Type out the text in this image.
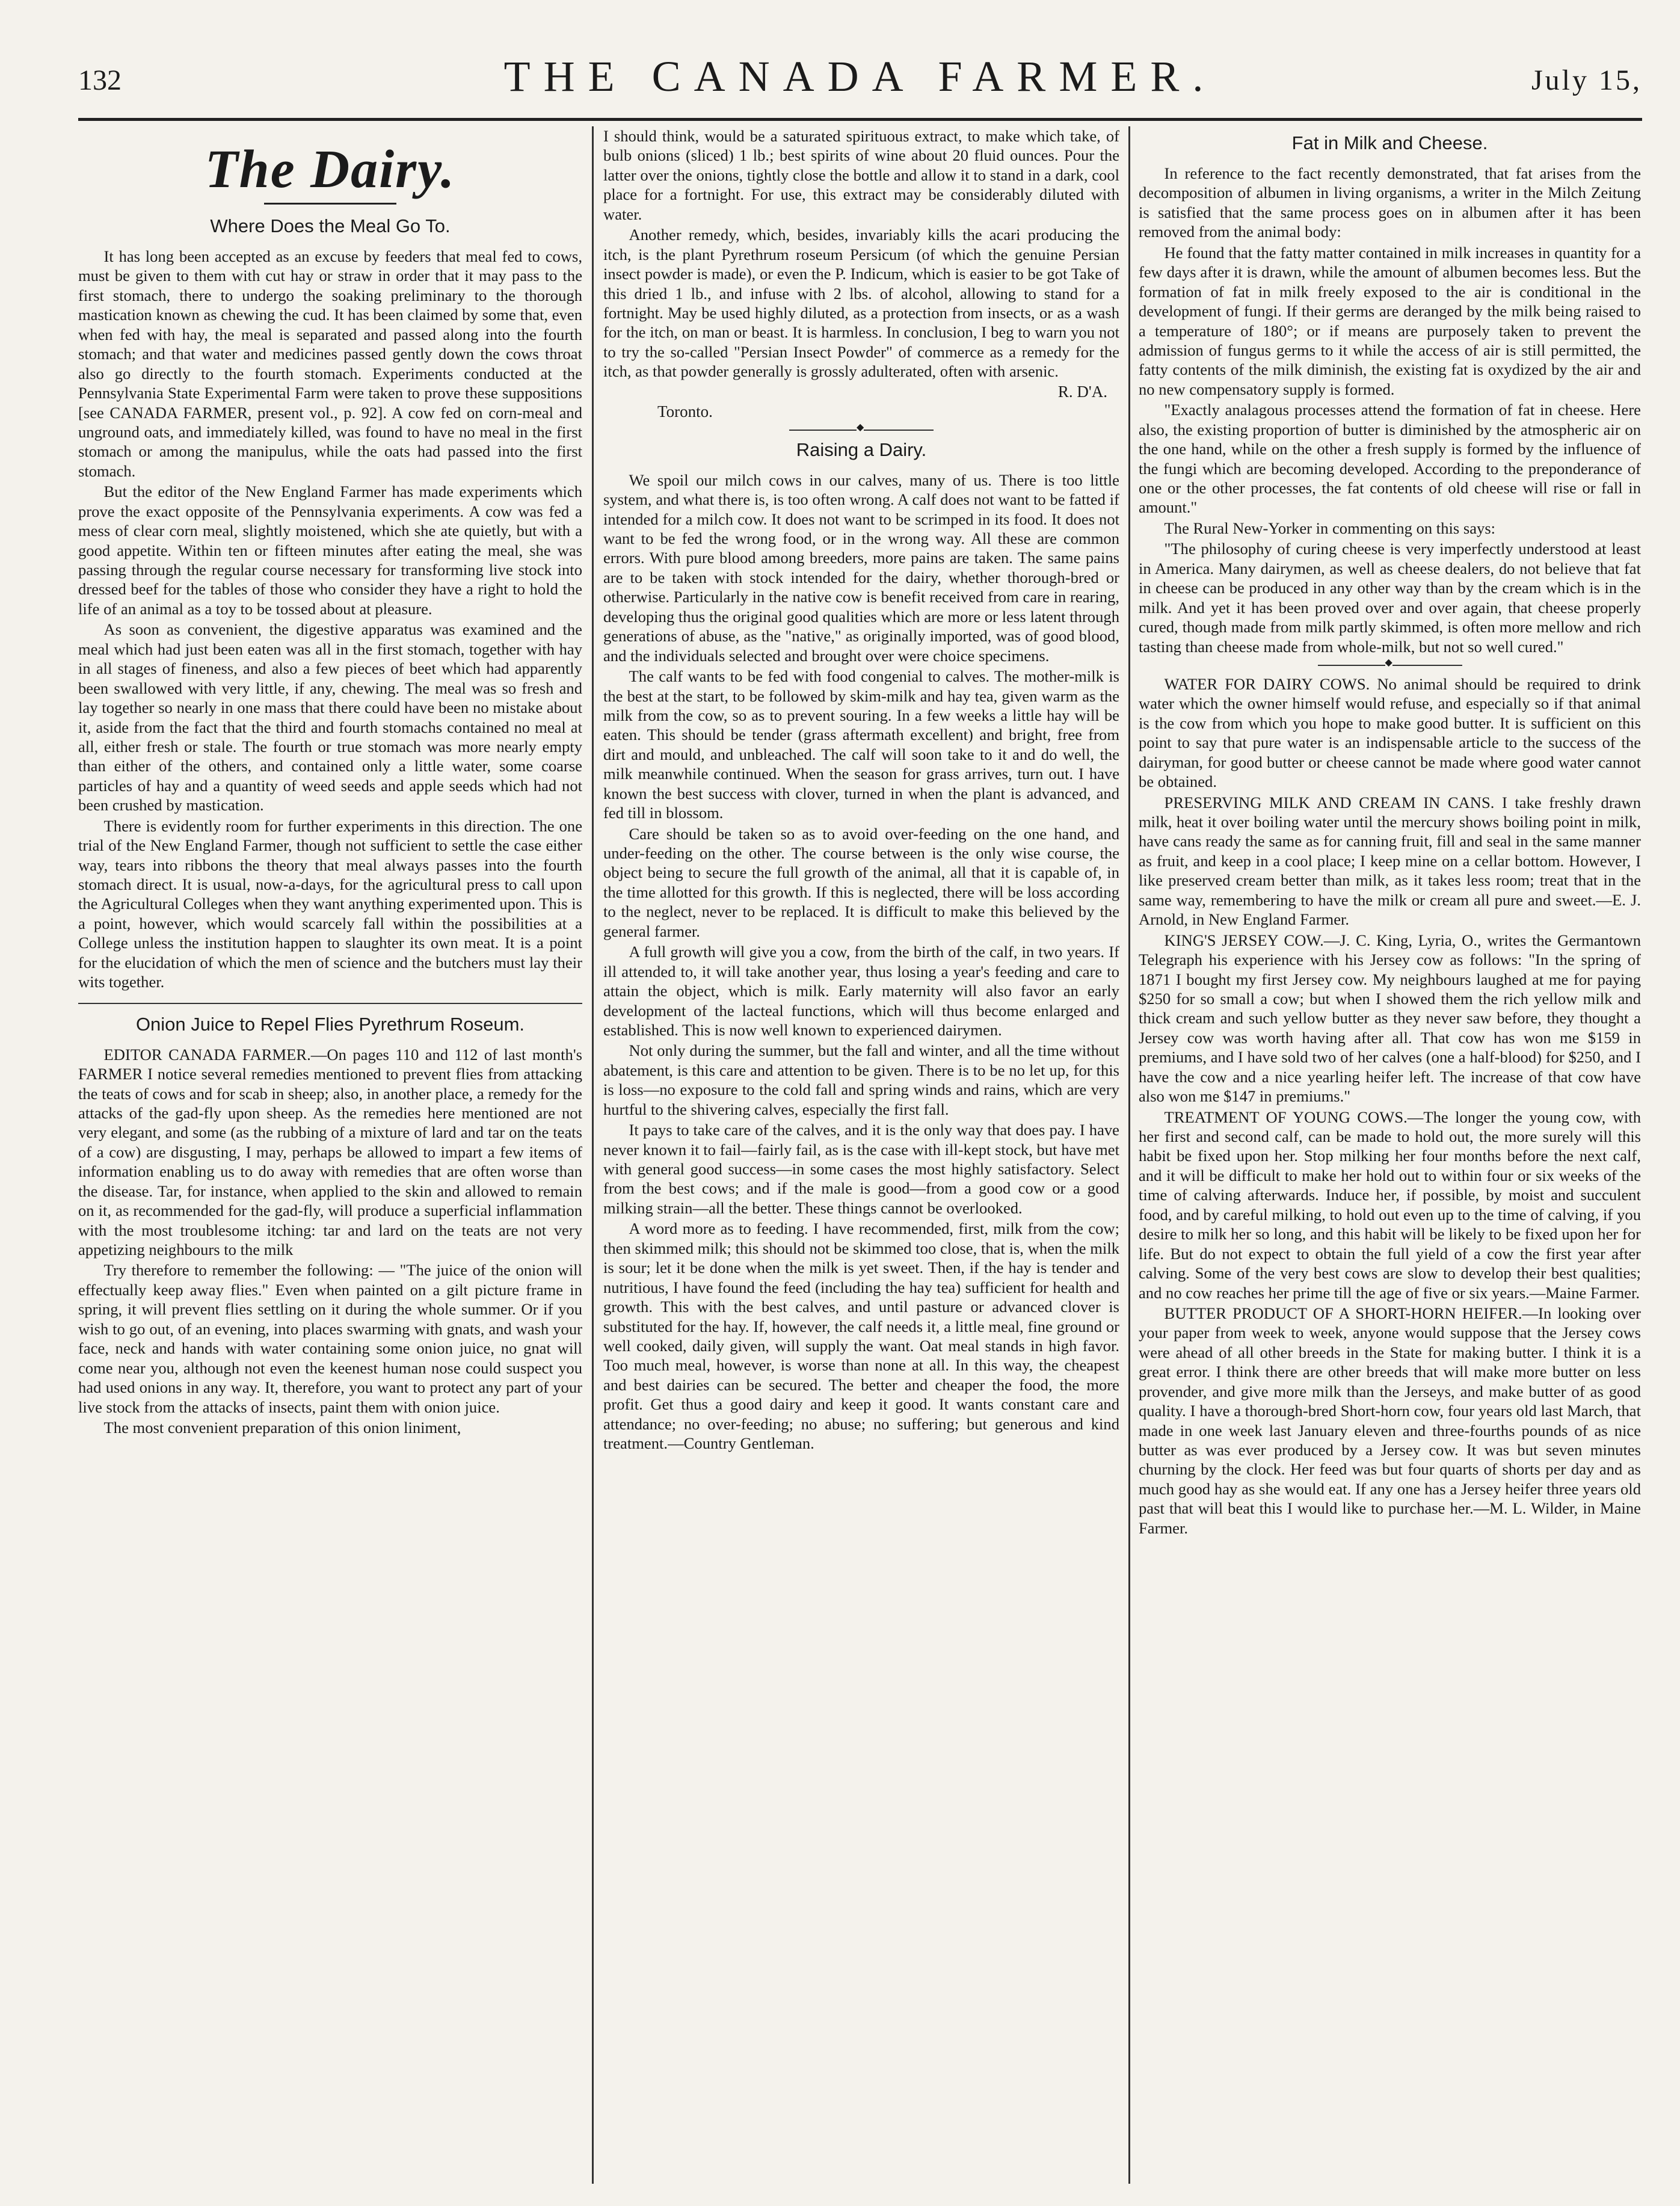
132	THE CANADA FARMER.	July 15,
The Dairy.
Where Does the Meal Go To.

It has long been accepted as an excuse by feeders that meal fed to cows, must be given to them with cut hay or straw in order that it may pass to the first stomach, there to undergo the soaking preliminary to the thorough mastication known as chewing the cud. It has been claimed by some that, even when fed with hay, the meal is separated and passed along into the fourth stomach; and that water and medicines passed gently down the cows throat also go directly to the fourth stomach. Experiments conducted at the Pennsylvania State Experimental Farm were taken to prove these suppositions [see CANADA FARMER, present vol., p. 92]. A cow fed on corn-meal and unground oats, and immediately killed, was found to have no meal in the first stomach or among the manipulus, while the oats had passed into the first stomach.

But the editor of the New England Farmer has made experiments which prove the exact opposite of the Pennsylvania experiments. A cow was fed a mess of clear corn meal, slightly moistened, which she ate quietly, but with a good appetite. Within ten or fifteen minutes after eating the meal, she was passing through the regular course necessary for transforming live stock into dressed beef for the tables of those who consider they have a right to hold the life of an animal as a toy to be tossed about at pleasure.

As soon as convenient, the digestive apparatus was examined and the meal which had just been eaten was all in the first stomach, together with hay in all stages of fineness, and also a few pieces of beet which had apparently been swallowed with very little, if any, chewing. The meal was so fresh and lay together so nearly in one mass that there could have been no mistake about it, aside from the fact that the third and fourth stomachs contained no meal at all, either fresh or stale. The fourth or true stomach was more nearly empty than either of the others, and contained only a little water, some coarse particles of hay and a quantity of weed seeds and apple seeds which had not been crushed by mastication.

There is evidently room for further experiments in this direction. The one trial of the New England Farmer, though not sufficient to settle the case either way, tears into ribbons the theory that meal always passes into the fourth stomach direct. It is usual, now-a-days, for the agricultural press to call upon the Agricultural Colleges when they want anything experimented upon. This is a point, however, which would scarcely fall within the possibilities at a College unless the institution happen to slaughter its own meat. It is a point for the elucidation of which the men of science and the butchers must lay their wits together.

Onion Juice to Repel Flies Pyrethrum Roseum.

EDITOR CANADA FARMER.—On pages 110 and 112 of last month's FARMER I notice several remedies mentioned to prevent flies from attacking the teats of cows and for scab in sheep; also, in another place, a remedy for the attacks of the gad-fly upon sheep. As the remedies here mentioned are not very elegant, and some (as the rubbing of a mixture of lard and tar on the teats of a cow) are disgusting, I may, perhaps be allowed to impart a few items of information enabling us to do away with remedies that are often worse than the disease. Tar, for instance, when applied to the skin and allowed to remain on it, as recommended for the gad-fly, will produce a superficial inflammation with the most troublesome itching: tar and lard on the teats are not very appetizing neighbours to the milk

Try therefore to remember the following: — "The juice of the onion will effectually keep away flies." Even when painted on a gilt picture frame in spring, it will prevent flies settling on it during the whole summer. Or if you wish to go out, of an evening, into places swarming with gnats, and wash your face, neck and hands with water containing some onion juice, no gnat will come near you, although not even the keenest human nose could suspect you had used onions in any way. It, therefore, you want to protect any part of your live stock from the attacks of insects, paint them with onion juice.

The most convenient preparation of this onion liniment,

I should think, would be a saturated spirituous extract, to make which take, of bulb onions (sliced) 1 lb.; best spirits of wine about 20 fluid ounces. Pour the latter over the onions, tightly close the bottle and allow it to stand in a dark, cool place for a fortnight. For use, this extract may be considerably diluted with water.

Another remedy, which, besides, invariably kills the acari producing the itch, is the plant Pyrethrum roseum Persicum (of which the genuine Persian insect powder is made), or even the P. Indicum, which is easier to be got Take of this dried 1 lb., and infuse with 2 lbs. of alcohol, allowing to stand for a fortnight. May be used highly diluted, as a protection from insects, or as a wash for the itch, on man or beast. It is harmless. In conclusion, I beg to warn you not to try the so-called "Persian Insect Powder" of commerce as a remedy for the itch, as that powder generally is grossly adulterated, often with arsenic.

R. D'A.
Toronto.
◆
Raising a Dairy.

We spoil our milch cows in our calves, many of us. There is too little system, and what there is, is too often wrong. A calf does not want to be fatted if intended for a milch cow. It does not want to be scrimped in its food. It does not want to be fed the wrong food, or in the wrong way. All these are common errors. With pure blood among breeders, more pains are taken. The same pains are to be taken with stock intended for the dairy, whether thorough-bred or otherwise. Particularly in the native cow is benefit received from care in rearing, developing thus the original good qualities which are more or less latent through generations of abuse, as the "native," as originally imported, was of good blood, and the individuals selected and brought over were choice specimens.

The calf wants to be fed with food congenial to calves. The mother-milk is the best at the start, to be followed by skim-milk and hay tea, given warm as the milk from the cow, so as to prevent souring. In a few weeks a little hay will be eaten. This should be tender (grass aftermath excellent) and bright, free from dirt and mould, and unbleached. The calf will soon take to it and do well, the milk meanwhile continued. When the season for grass arrives, turn out. I have known the best success with clover, turned in when the plant is advanced, and fed till in blossom.

Care should be taken so as to avoid over-feeding on the one hand, and under-feeding on the other. The course between is the only wise course, the object being to secure the full growth of the animal, all that it is capable of, in the time allotted for this growth. If this is neglected, there will be loss according to the neglect, never to be replaced. It is difficult to make this believed by the general farmer.

A full growth will give you a cow, from the birth of the calf, in two years. If ill attended to, it will take another year, thus losing a year's feeding and care to attain the object, which is milk. Early maternity will also favor an early development of the lacteal functions, which will thus become enlarged and established. This is now well known to experienced dairymen.

Not only during the summer, but the fall and winter, and all the time without abatement, is this care and attention to be given. There is to be no let up, for this is loss—no exposure to the cold fall and spring winds and rains, which are very hurtful to the shivering calves, especially the first fall.

It pays to take care of the calves, and it is the only way that does pay. I have never known it to fail—fairly fail, as is the case with ill-kept stock, but have met with general good success—in some cases the most highly satisfactory. Select from the best cows; and if the male is good—from a good cow or a good milking strain—all the better. These things cannot be overlooked.

A word more as to feeding. I have recommended, first, milk from the cow; then skimmed milk; this should not be skimmed too close, that is, when the milk is sour; let it be done when the milk is yet sweet. Then, if the hay is tender and nutritious, I have found the feed (including the hay tea) sufficient for health and growth. This with the best calves, and until pasture or advanced clover is substituted for the hay. If, however, the calf needs it, a little meal, fine ground or well cooked, daily given, will supply the want. Oat meal stands in high favor. Too much meal, however, is worse than none at all. In this way, the cheapest and best dairies can be secured. The better and cheaper the food, the more profit. Get thus a good dairy and keep it good. It wants constant care and attendance; no over-feeding; no abuse; no suffering; but generous and kind treatment.—Country Gentleman.

Fat in Milk and Cheese.

In reference to the fact recently demonstrated, that fat arises from the decomposition of albumen in living organisms, a writer in the Milch Zeitung is satisfied that the same process goes on in albumen after it has been removed from the animal body:

He found that the fatty matter contained in milk increases in quantity for a few days after it is drawn, while the amount of albumen becomes less. But the formation of fat in milk freely exposed to the air is conditional in the development of fungi. If their germs are deranged by the milk being raised to a temperature of 180°; or if means are purposely taken to prevent the admission of fungus germs to it while the access of air is still permitted, the fatty contents of the milk diminish, the existing fat is oxydized by the air and no new compensatory supply is formed.

"Exactly analagous processes attend the formation of fat in cheese. Here also, the existing proportion of butter is diminished by the atmospheric air on the one hand, while on the other a fresh supply is formed by the influence of the fungi which are becoming developed. According to the preponderance of one or the other processes, the fat contents of old cheese will rise or fall in amount."

The Rural New-Yorker in commenting on this says:

"The philosophy of curing cheese is very imperfectly understood at least in America. Many dairymen, as well as cheese dealers, do not believe that fat in cheese can be produced in any other way than by the cream which is in the milk. And yet it has been proved over and over again, that cheese properly cured, though made from milk partly skimmed, is often more mellow and rich tasting than cheese made from whole-milk, but not so well cured."

◆

WATER FOR DAIRY COWS. No animal should be required to drink water which the owner himself would refuse, and especially so if that animal is the cow from which you hope to make good butter. It is sufficient on this point to say that pure water is an indispensable article to the success of the dairyman, for good butter or cheese cannot be made where good water cannot be obtained.

PRESERVING MILK AND CREAM IN CANS. I take freshly drawn milk, heat it over boiling water until the mercury shows boiling point in milk, have cans ready the same as for canning fruit, fill and seal in the same manner as fruit, and keep in a cool place; I keep mine on a cellar bottom. However, I like preserved cream better than milk, as it takes less room; treat that in the same way, remembering to have the milk or cream all pure and sweet.—E. J. Arnold, in New England Farmer.

KING'S JERSEY COW.—J. C. King, Lyria, O., writes the Germantown Telegraph his experience with his Jersey cow as follows: "In the spring of 1871 I bought my first Jersey cow. My neighbours laughed at me for paying $250 for so small a cow; but when I showed them the rich yellow milk and thick cream and such yellow butter as they never saw before, they thought a Jersey cow was worth having after all. That cow has won me $159 in premiums, and I have sold two of her calves (one a half-blood) for $250, and I have the cow and a nice yearling heifer left. The increase of that cow have also won me $147 in premiums."

TREATMENT OF YOUNG COWS.—The longer the young cow, with her first and second calf, can be made to hold out, the more surely will this habit be fixed upon her. Stop milking her four months before the next calf, and it will be difficult to make her hold out to within four or six weeks of the time of calving afterwards. Induce her, if possible, by moist and succulent food, and by careful milking, to hold out even up to the time of calving, if you desire to milk her so long, and this habit will be likely to be fixed upon her for life. But do not expect to obtain the full yield of a cow the first year after calving. Some of the very best cows are slow to develop their best qualities; and no cow reaches her prime till the age of five or six years.—Maine Farmer.

BUTTER PRODUCT OF A SHORT-HORN HEIFER.—In looking over your paper from week to week, anyone would suppose that the Jersey cows were ahead of all other breeds in the State for making butter. I think it is a great error. I think there are other breeds that will make more butter on less provender, and give more milk than the Jerseys, and make butter of as good quality. I have a thorough-bred Short-horn cow, four years old last March, that made in one week last January eleven and three-fourths pounds of as nice butter as was ever produced by a Jersey cow. It was but seven minutes churning by the clock. Her feed was but four quarts of shorts per day and as much good hay as she would eat. If any one has a Jersey heifer three years old past that will beat this I would like to purchase her.—M. L. Wilder, in Maine Farmer.
